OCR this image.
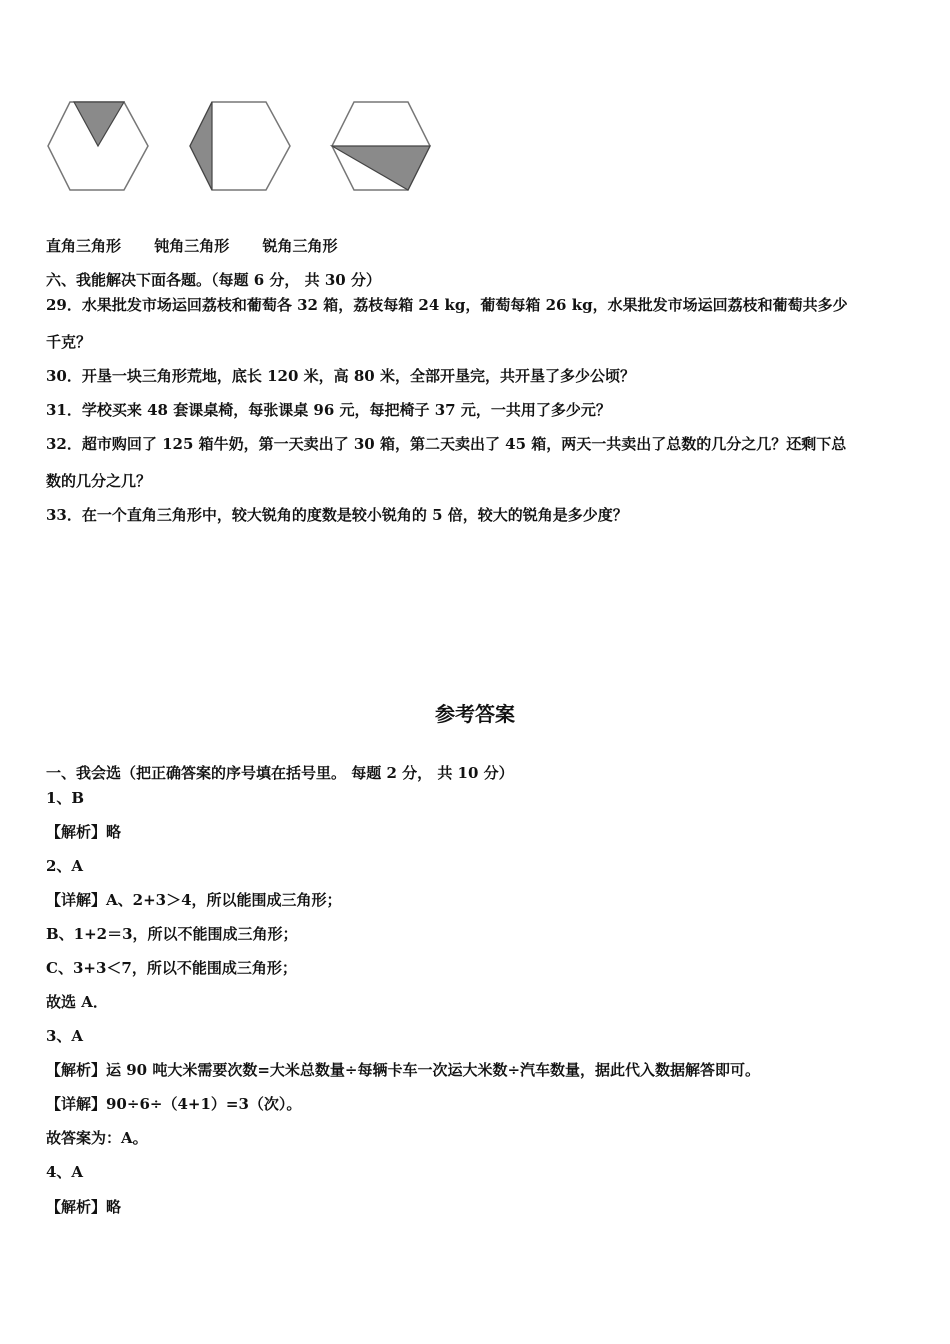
直角三角形 钝角三角形 锐角三角形
六、我能解决下面各题。（每题 6 分， 共 30 分）
29．水果批发市场运回荔枝和葡萄各 32 箱，荔枝每箱 24 kg，葡萄每箱 26 kg，水果批发市场运回荔枝和葡萄共多少
千克？
30．开垦一块三角形荒地，底长 120 米，高 80 米，全部开垦完，共开垦了多少公顷？
31．学校买来 48 套课桌椅，每张课桌 96 元，每把椅子 37 元，一共用了多少元？
32．超市购回了 125 箱牛奶，第一天卖出了 30 箱，第二天卖出了 45 箱，两天一共卖出了总数的几分之几？还剩下总
数的几分之几？
33．在一个直角三角形中，较大锐角的度数是较小锐角的 5 倍，较大的锐角是多少度？
参考答案
一、我会选（把正确答案的序号填在括号里。 每题 2 分， 共 10 分）
1、B
【解析】略
2、A
【详解】A、2+3＞4，所以能围成三角形；
B、1+2＝3，所以不能围成三角形；
C、3+3＜7，所以不能围成三角形；
故选 A．
3、A
【解析】运 90 吨大米需要次数=大米总数量÷每辆卡车一次运大米数÷汽车数量，据此代入数据解答即可。
【详解】90÷6÷（4+1）=3（次）。
故答案为：A。
4、A
【解析】略
